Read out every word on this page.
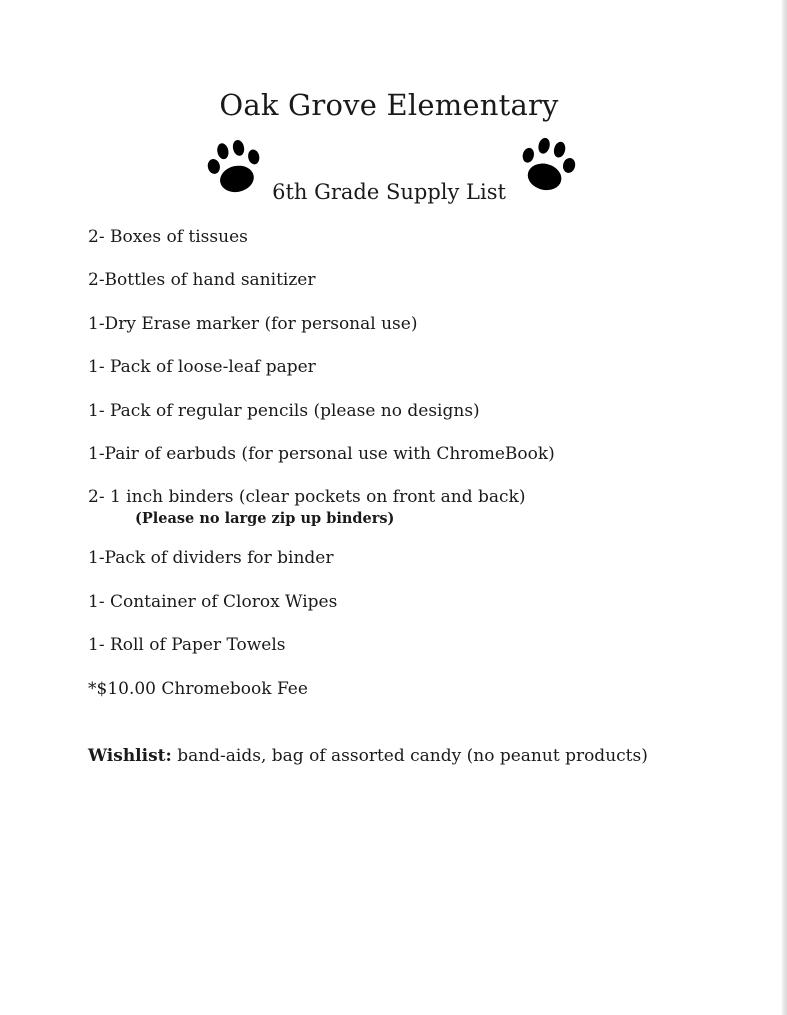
Oak Grove Elementary
6th Grade Supply List
2- Boxes of tissues
2-Bottles of hand sanitizer
1-Dry Erase marker (for personal use)
1- Pack of loose-leaf paper
1- Pack of regular pencils (please no designs)
1-Pair of earbuds (for personal use with ChromeBook)
2- 1 inch binders (clear pockets on front and back)
(Please no large zip up binders)
1-Pack of dividers for binder
1- Container of Clorox Wipes
1- Roll of Paper Towels
*$10.00 Chromebook Fee

Wishlist: band-aids, bag of assorted candy (no peanut products)
